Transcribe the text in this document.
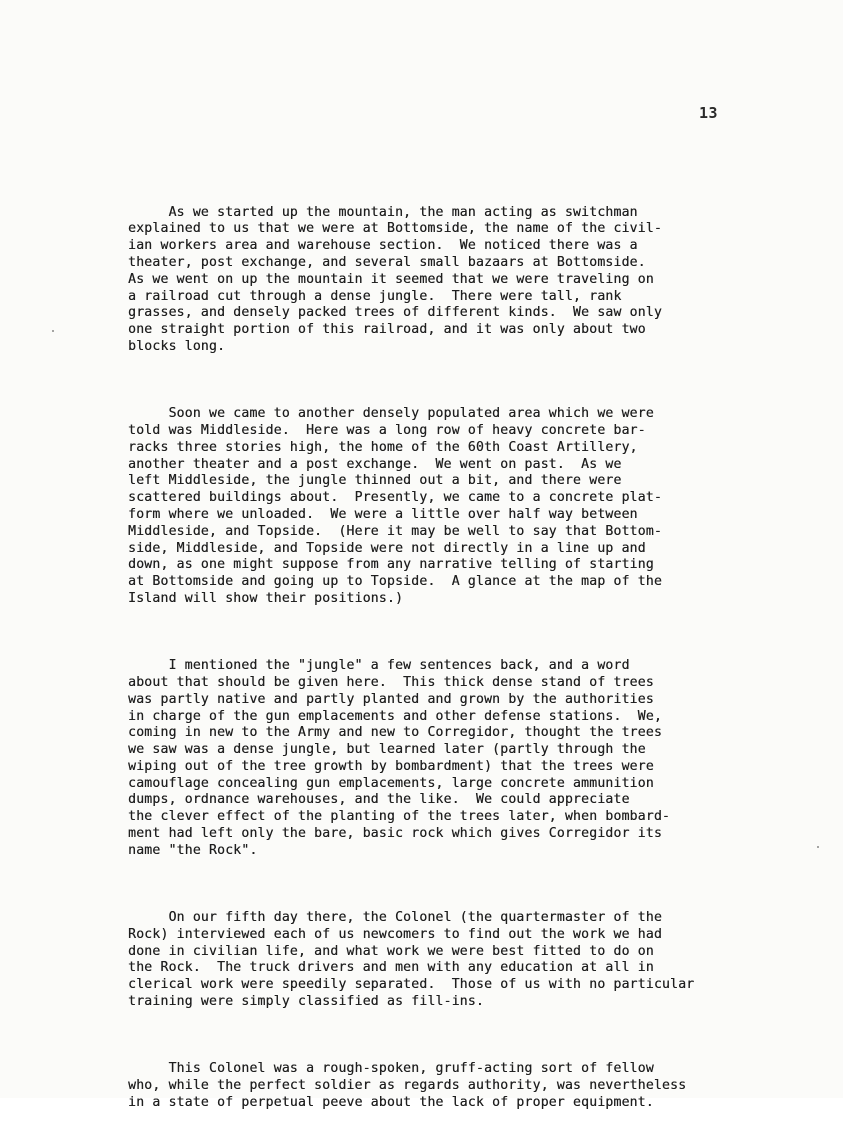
13

As we started up the mountain, the man acting as switchman
explained to us that we were at Bottomside, the name of the civil-
ian workers area and warehouse section.  We noticed there was a
theater, post exchange, and several small bazaars at Bottomside.
As we went on up the mountain it seemed that we were traveling on
a railroad cut through a dense jungle.  There were tall, rank
grasses, and densely packed trees of different kinds.  We saw only
one straight portion of this railroad, and it was only about two
blocks long.

Soon we came to another densely populated area which we were
told was Middleside.  Here was a long row of heavy concrete bar-
racks three stories high, the home of the 60th Coast Artillery,
another theater and a post exchange.  We went on past.  As we
left Middleside, the jungle thinned out a bit, and there were
scattered buildings about.  Presently, we came to a concrete plat-
form where we unloaded.  We were a little over half way between
Middleside, and Topside.  (Here it may be well to say that Bottom-
side, Middleside, and Topside were not directly in a line up and
down, as one might suppose from any narrative telling of starting
at Bottomside and going up to Topside.  A glance at the map of the
Island will show their positions.)

I mentioned the "jungle" a few sentences back, and a word
about that should be given here.  This thick dense stand of trees
was partly native and partly planted and grown by the authorities
in charge of the gun emplacements and other defense stations.  We,
coming in new to the Army and new to Corregidor, thought the trees
we saw was a dense jungle, but learned later (partly through the
wiping out of the tree growth by bombardment) that the trees were
camouflage concealing gun emplacements, large concrete ammunition
dumps, ordnance warehouses, and the like.  We could appreciate
the clever effect of the planting of the trees later, when bombard-
ment had left only the bare, basic rock which gives Corregidor its
name "the Rock".

On our fifth day there, the Colonel (the quartermaster of the
Rock) interviewed each of us newcomers to find out the work we had
done in civilian life, and what work we were best fitted to do on
the Rock.  The truck drivers and men with any education at all in
clerical work were speedily separated.  Those of us with no particular
training were simply classified as fill-ins.

This Colonel was a rough-spoken, gruff-acting sort of fellow
who, while the perfect soldier as regards authority, was nevertheless
in a state of perpetual peeve about the lack of proper equipment.
